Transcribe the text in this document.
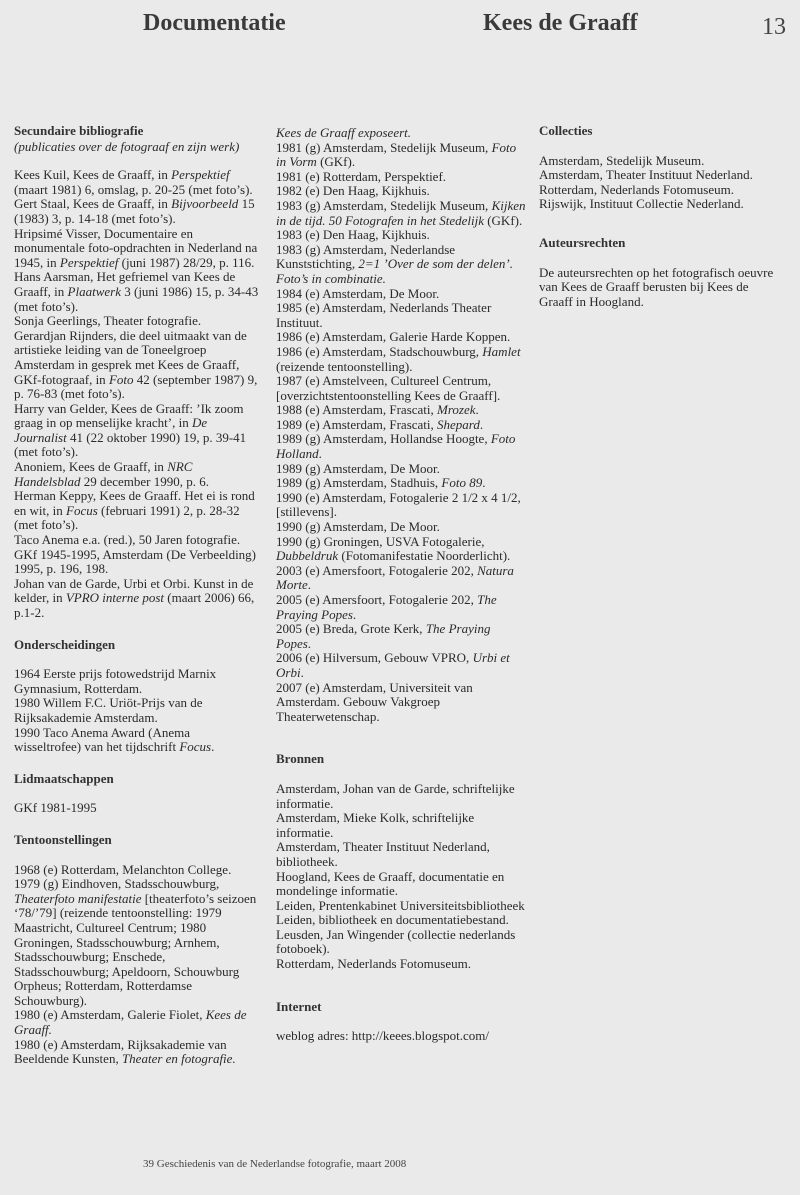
Documentatie	Kees de Graaff	13
Secundaire bibliografie
(publicaties over de fotograaf en zijn werk)

Kees Kuil, Kees de Graaff, in Perspektief (maart 1981) 6, omslag, p. 20-25 (met foto’s).

Gert Staal, Kees de Graaff, in Bijvoorbeeld 15 (1983) 3, p. 14-18 (met foto’s).

Hripsimé Visser, Documentaire en monumentale foto-opdrachten in Nederland na 1945, in Perspektief (juni 1987) 28/29, p. 116.

Hans Aarsman, Het gefriemel van Kees de Graaff, in Plaatwerk 3 (juni 1986) 15, p. 34-43 (met foto’s).

Sonja Geerlings, Theater fotografie.

Gerardjan Rijnders, die deel uitmaakt van de artistieke leiding van de Toneelgroep Amsterdam in gesprek met Kees de Graaff, GKf-fotograaf, in Foto 42 (september 1987) 9, p. 76-83 (met foto’s).

Harry van Gelder, Kees de Graaff: ’Ik zoom graag in op menselijke kracht’, in De Journalist 41 (22 oktober 1990) 19, p. 39-41 (met foto’s).

Anoniem, Kees de Graaff, in NRC Handelsblad 29 december 1990, p. 6.

Herman Keppy, Kees de Graaff. Het ei is rond en wit, in Focus (februari 1991) 2, p. 28-32 (met foto’s).

Taco Anema e.a. (red.), 50 Jaren fotografie. GKf 1945-1995, Amsterdam (De Verbeelding) 1995, p. 196, 198.

Johan van de Garde, Urbi et Orbi. Kunst in de kelder, in VPRO interne post (maart 2006) 66, p.1-2.

Onderscheidingen

1964 Eerste prijs fotowedstrijd Marnix Gymnasium, Rotterdam.

1980 Willem F.C. Uriöt-Prijs van de Rijksakademie Amsterdam.

1990 Taco Anema Award (Anema wisseltrofee) van het tijdschrift Focus.

Lidmaatschappen

GKf 1981-1995

Tentoonstellingen

1968 (e) Rotterdam, Melanchton College.

1979 (g) Eindhoven, Stadsschouwburg, Theaterfoto manifestatie [theaterfoto’s seizoen ‘78/’79] (reizende tentoonstelling: 1979 Maastricht, Cultureel Centrum; 1980 Groningen, Stadsschouwburg; Arnhem, Stadsschouwburg; Enschede, Stadsschouwburg; Apeldoorn, Schouwburg Orpheus; Rotterdam, Rotterdamse Schouwburg).

1980 (e) Amsterdam, Galerie Fiolet, Kees de Graaff.

1980 (e) Amsterdam, Rijksakademie van Beeldende Kunsten, Theater en fotografie.

Kees de Graaff exposeert.

1981 (g) Amsterdam, Stedelijk Museum, Foto in Vorm (GKf).

1981 (e) Rotterdam, Perspektief.

1982 (e) Den Haag, Kijkhuis.

1983 (g) Amsterdam, Stedelijk Museum, Kijken in de tijd. 50 Fotografen in het Stedelijk (GKf).

1983 (e) Den Haag, Kijkhuis.

1983 (g) Amsterdam, Nederlandse Kunststichting, 2=1 ’Over de som der delen’. Foto’s in combinatie.

1984 (e) Amsterdam, De Moor.

1985 (e) Amsterdam, Nederlands Theater Instituut.

1986 (e) Amsterdam, Galerie Harde Koppen.

1986 (e) Amsterdam, Stadschouwburg, Hamlet (reizende tentoonstelling).

1987 (e) Amstelveen, Cultureel Centrum, [overzichtstentoonstelling Kees de Graaff].

1988 (e) Amsterdam, Frascati, Mrozek.

1989 (e) Amsterdam, Frascati, Shepard.

1989 (g) Amsterdam, Hollandse Hoogte, Foto Holland.

1989 (g) Amsterdam, De Moor.

1989 (g) Amsterdam, Stadhuis, Foto 89.

1990 (e) Amsterdam, Fotogalerie 2 1/2 x 4 1/2, [stillevens].

1990 (g) Amsterdam, De Moor.

1990 (g) Groningen, USVA Fotogalerie, Dubbeldruk (Fotomanifestatie Noorderlicht).

2003 (e) Amersfoort, Fotogalerie 202, Natura Morte.

2005 (e) Amersfoort, Fotogalerie 202, The Praying Popes.

2005 (e) Breda, Grote Kerk, The Praying Popes.

2006 (e) Hilversum, Gebouw VPRO, Urbi et Orbi.

2007 (e) Amsterdam, Universiteit van Amsterdam. Gebouw Vakgroep Theaterwetenschap.

Bronnen

Amsterdam, Johan van de Garde, schriftelijke informatie.

Amsterdam, Mieke Kolk, schriftelijke informatie.

Amsterdam, Theater Instituut Nederland, bibliotheek.

Hoogland, Kees de Graaff, documentatie en mondelinge informatie.

Leiden, Prentenkabinet Universiteitsbibliotheek Leiden, bibliotheek en documentatiebestand.

Leusden, Jan Wingender (collectie nederlands fotoboek).

Rotterdam, Nederlands Fotomuseum.

Internet

weblog adres: http://keees.blogspot.com/

Collecties

Amsterdam, Stedelijk Museum.

Amsterdam, Theater Instituut Nederland.

Rotterdam, Nederlands Fotomuseum.

Rijswijk, Instituut Collectie Nederland.

Auteursrechten

De auteursrechten op het fotografisch oeuvre van Kees de Graaff berusten bij Kees de Graaff in Hoogland.

39 Geschiedenis van de Nederlandse fotografie, maart 2008
